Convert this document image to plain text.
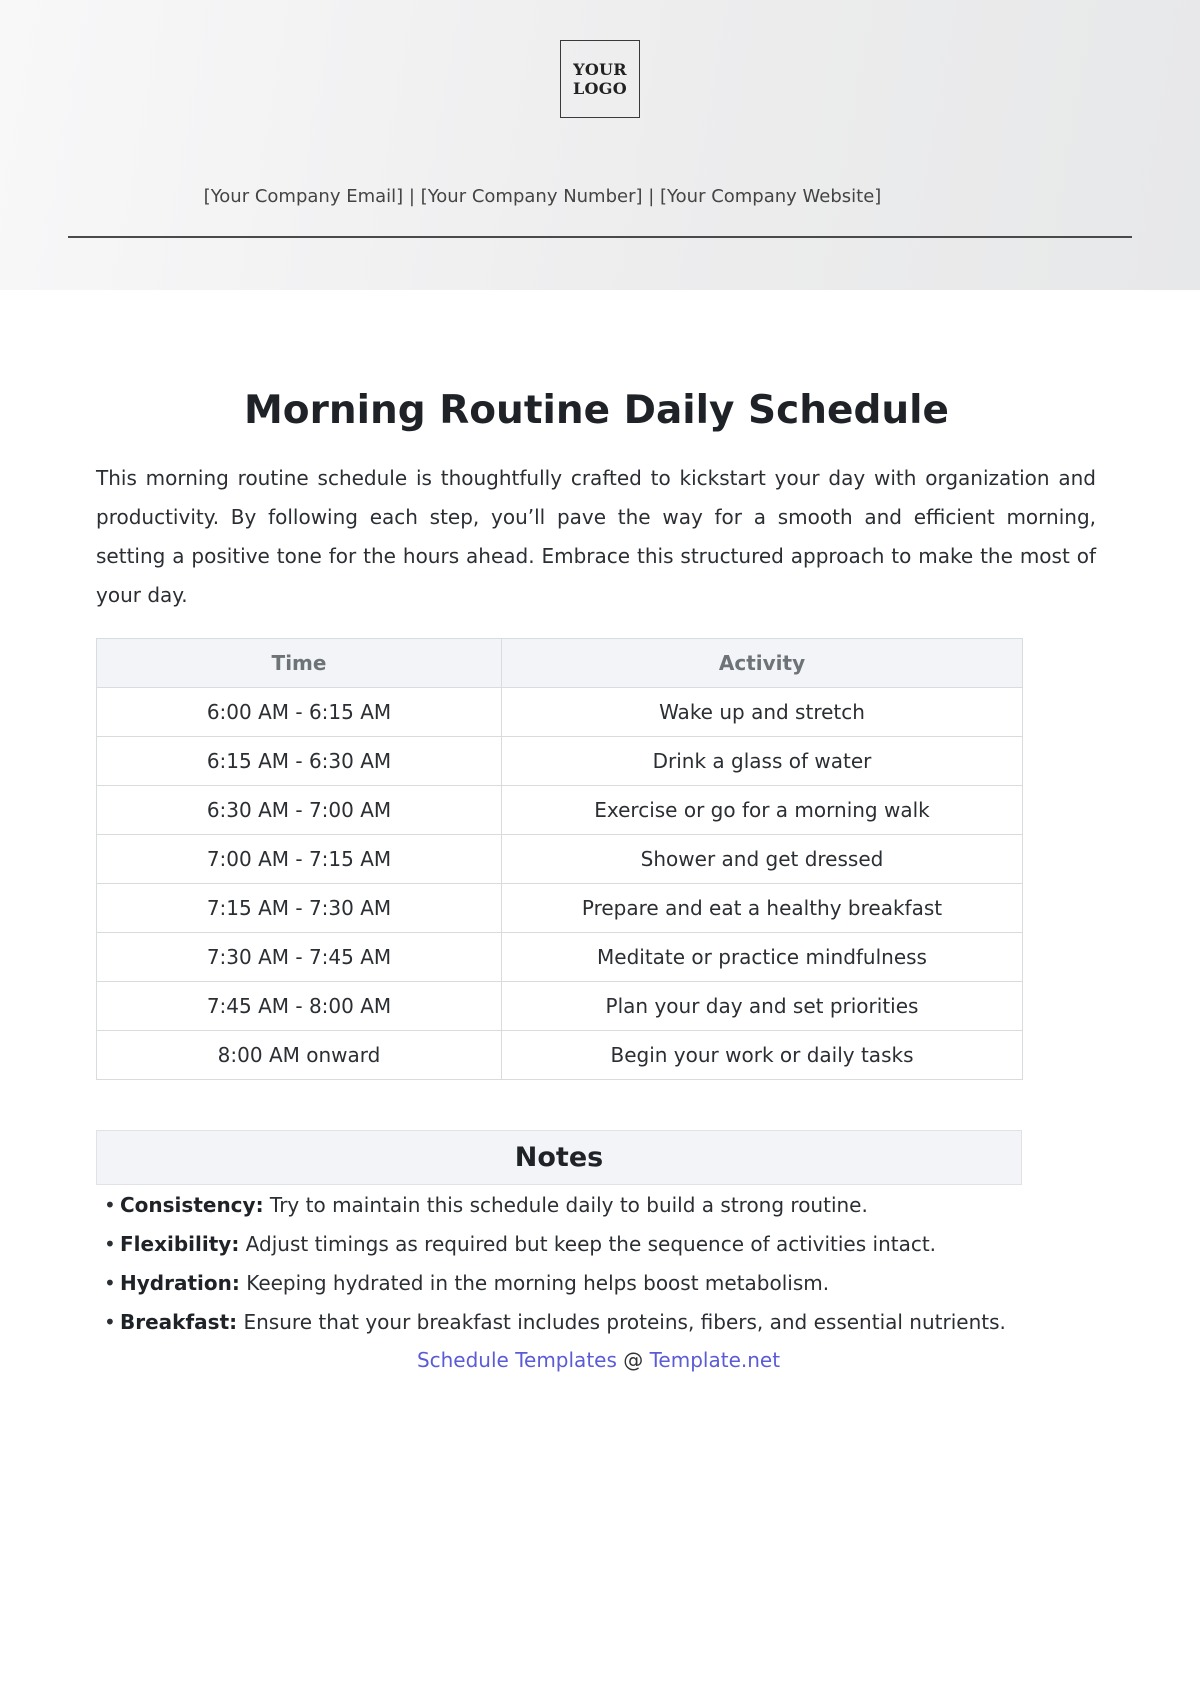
YOUR
LOGO
[Your Company Email] | [Your Company Number] | [Your Company Website]
Morning Routine Daily Schedule

This morning routine schedule is thoughtfully crafted to kickstart your day with organization and productivity. By following each step, you’ll pave the way for a smooth and efficient morning, setting a positive tone for the hours ahead. Embrace this structured approach to make the most of your day.

Time	Activity
6:00 AM - 6:15 AM	Wake up and stretch
6:15 AM - 6:30 AM	Drink a glass of water
6:30 AM - 7:00 AM	Exercise or go for a morning walk
7:00 AM - 7:15 AM	Shower and get dressed
7:15 AM - 7:30 AM	Prepare and eat a healthy breakfast
7:30 AM - 7:45 AM	Meditate or practice mindfulness
7:45 AM - 8:00 AM	Plan your day and set priorities
8:00 AM onward	Begin your work or daily tasks
Notes
• Consistency: Try to maintain this schedule daily to build a strong routine.
• Flexibility: Adjust timings as required but keep the sequence of activities intact.
• Hydration: Keeping hydrated in the morning helps boost metabolism.
• Breakfast: Ensure that your breakfast includes proteins, fibers, and essential nutrients.
Schedule Templates @ Template.net
